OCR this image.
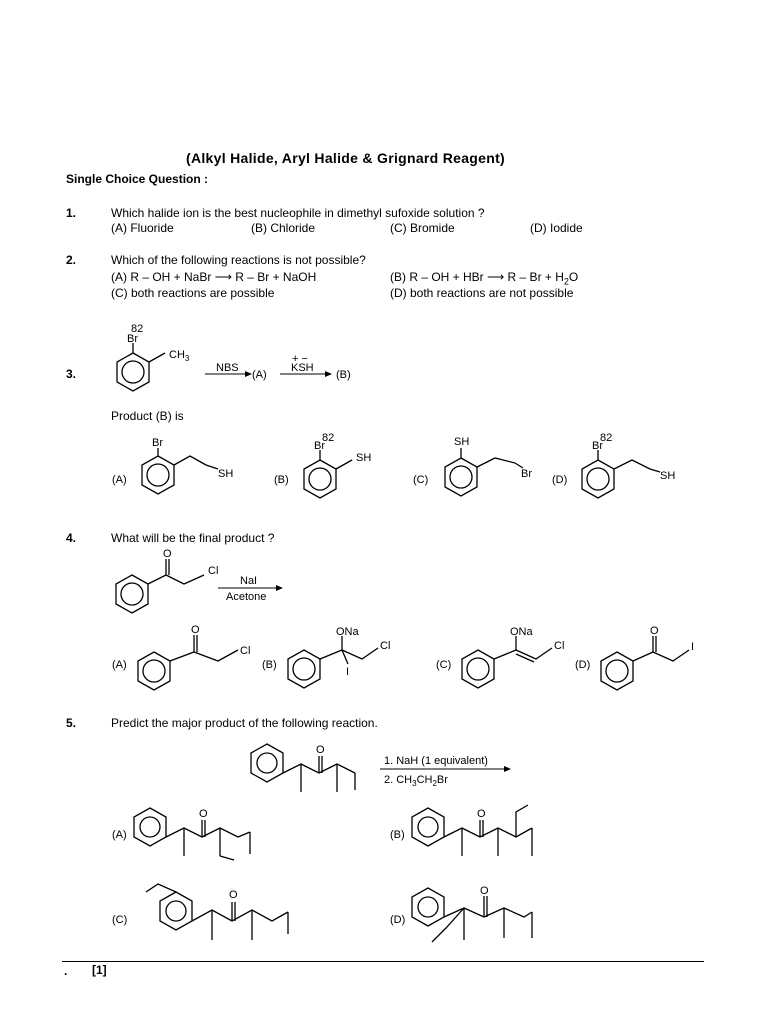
(Alkyl Halide, Aryl Halide & Grignard Reagent)
Single Choice Question :
1.	Which halide ion is the best nucleophile in dimethyl sufoxide solution ?
(A) Fluoride	(B) Chloride	(C) Bromide	(D) Iodide
2.	Which of the following reactions is not possible?
(A) R – OH + NaBr ⟶ R – Br + NaOH	(B) R – OH + HBr ⟶ $R - Br + H_2O$
(C) both reactions are possible	(D) both reactions are not possible
3.
82
Br
$CH_3$
NBS
(A)
+ −
KSH
(B)
Product (B) is
(A)
Br
SH	(B)
82
Br
SH
(C)
SH
Br (D)
82
Br
SH
4.	What will be the final product ?
O
Cl
NaI
Acetone
(A)
O
Cl
(B)
ONa
I
Cl
(C)
ONa
Cl
(D)
O
I
5.	Predict the major product of the following reaction.
O
1. NaH (1 equivalent)
2. $CH_3CH_2Br$
(A)
O
(B)
O
(C)
O
(D)
O
. [1]
